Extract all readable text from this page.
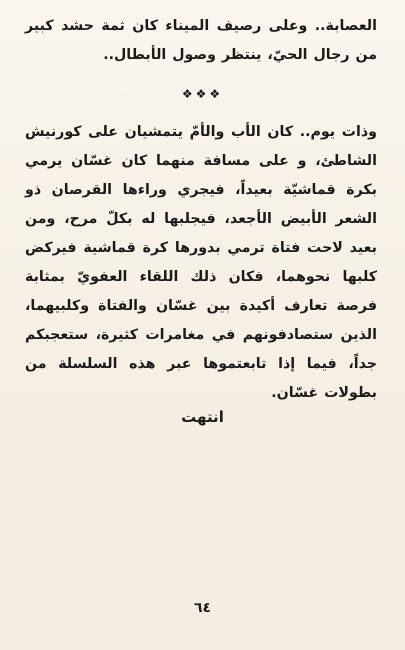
العصابة.. وعلى رصيف الميناء كان ثمة حشد كبير من رجال الحيّ، ينتظر وصول الأبطال..

❖❖❖

وذات يوم.. كان الأب والأمّ يتمشيان على كورنيش الشاطئ، و على مسافة منهما كان غسّان يرمي بكرة قماشيّة بعيداً، فيجري وراءها القرصان ذو الشعر الأبيض الأجعد، فيجلبها له بكلّ مرح، ومن بعيد لاحت فتاة ترمي بدورها كرة قماشية فيركض كلبها نحوهما، فكان ذلك اللقاء العفويّ بمثابة فرصة تعارف أكيدة بين غسّان والفتاة وكلبيهما، الذين ستصادفونهم في مغامرات كثيرة، ستعجبكم جداً، فيما إذا تابعتموها عبر هذه السلسلة من بطولات غسّان.

انتهت
٦٤
